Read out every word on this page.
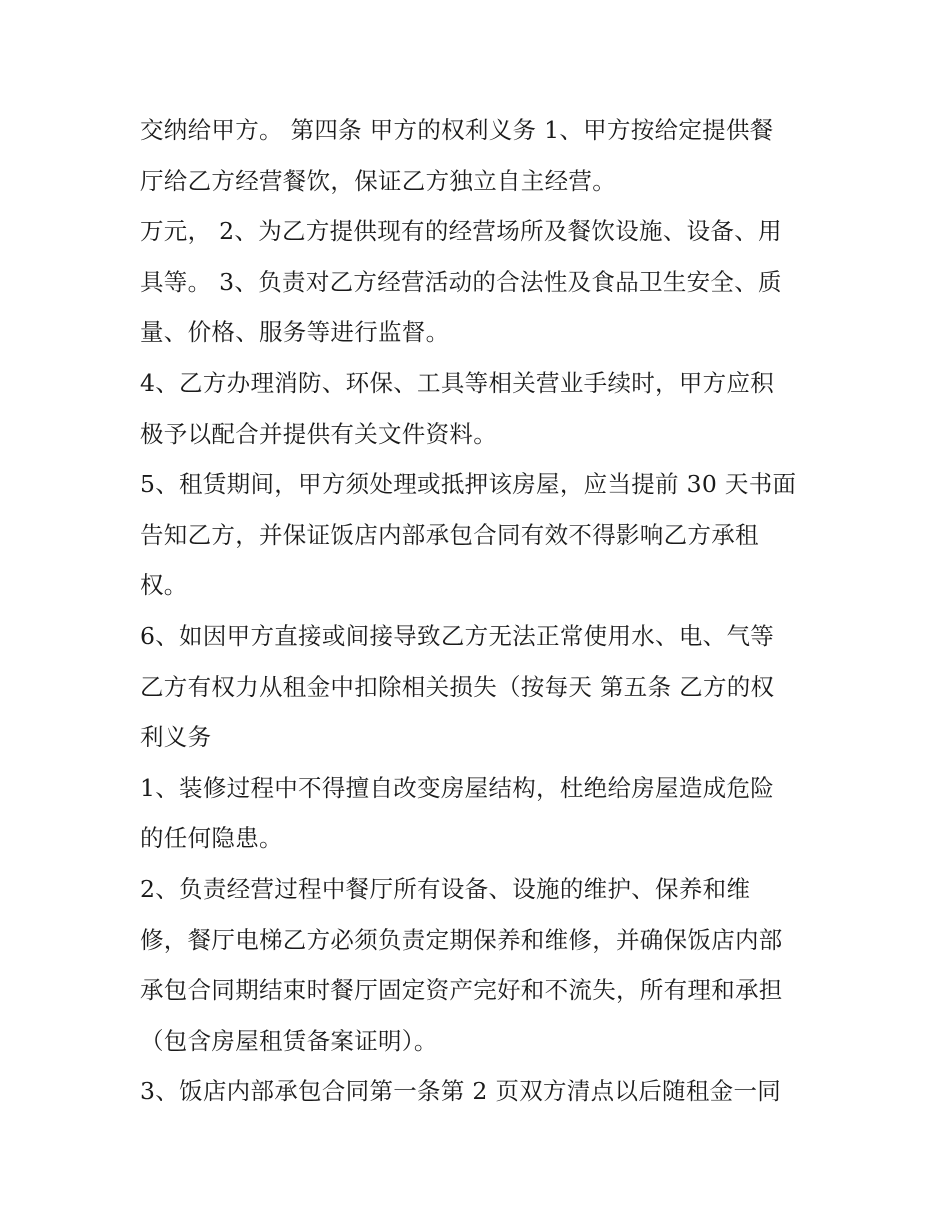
交纳给甲方。 第四条 甲方的权利义务 1、甲方按给定提供餐
厅给乙方经营餐饮，保证乙方独立自主经营。
万元， 2、为乙方提供现有的经营场所及餐饮设施、设备、用
具等。 3、负责对乙方经营活动的合法性及食品卫生安全、质
量、价格、服务等进行监督。
4、乙方办理消防、环保、工具等相关营业手续时，甲方应积
极予以配合并提供有关文件资料。
5、租赁期间，甲方须处理或抵押该房屋，应当提前 30 天书面
告知乙方，并保证饭店内部承包合同有效不得影响乙方承租
权。
6、如因甲方直接或间接导致乙方无法正常使用水、电、气等
乙方有权力从租金中扣除相关损失（按每天 第五条 乙方的权
利义务
1、装修过程中不得擅自改变房屋结构，杜绝给房屋造成危险
的任何隐患。
2、负责经营过程中餐厅所有设备、设施的维护、保养和维
修，餐厅电梯乙方必须负责定期保养和维修，并确保饭店内部
承包合同期结束时餐厅固定资产完好和不流失，所有理和承担
（包含房屋租赁备案证明）。
3、饭店内部承包合同第一条第 2 页双方清点以后随租金一同
